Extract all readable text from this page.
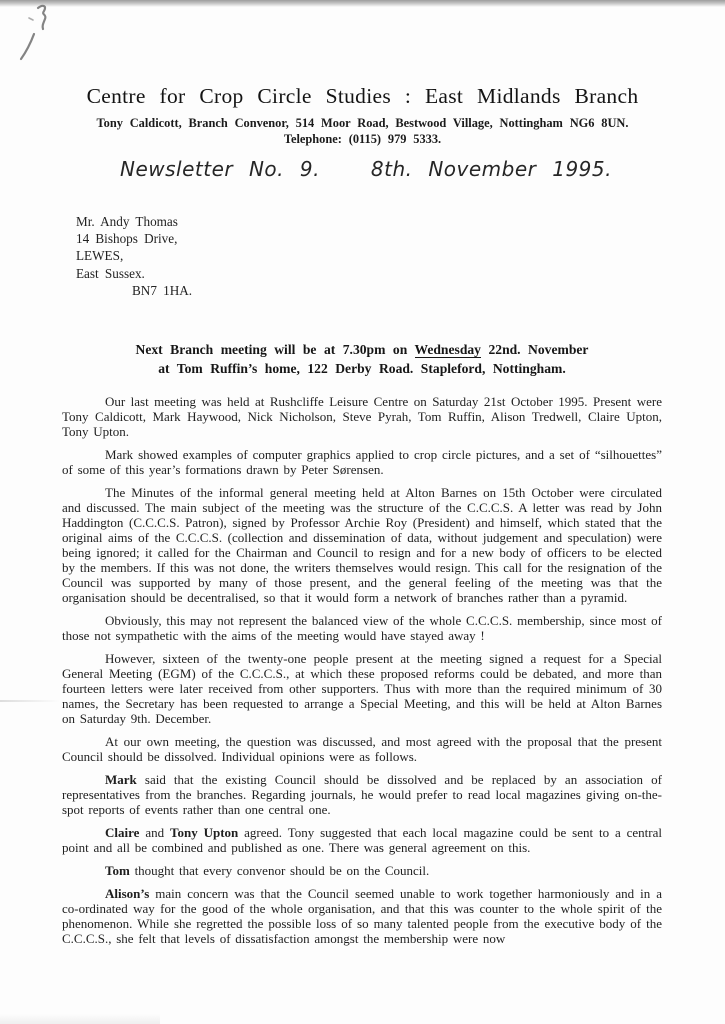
Centre for Crop Circle Studies : East Midlands Branch
Tony Caldicott, Branch Convenor, 514 Moor Road, Bestwood Village, Nottingham NG6 8UN.
Telephone: (0115) 979 5333.
Newsletter No. 9.	8th. November 1995.
Mr. Andy Thomas
14 Bishops Drive,
LEWES,
East Sussex.
BN7 1HA.
Next Branch meeting will be at 7.30pm on Wednesday 22nd. November
at Tom Ruffin’s home, 122 Derby Road. Stapleford, Nottingham.

Our last meeting was held at Rushcliffe Leisure Centre on Saturday 21st October 1995. Present were Tony Caldicott, Mark Haywood, Nick Nicholson, Steve Pyrah, Tom Ruffin, Alison Tredwell, Claire Upton, Tony Upton.

Mark showed examples of computer graphics applied to crop circle pictures, and a set of “silhouettes” of some of this year’s formations drawn by Peter Sørensen.

The Minutes of the informal general meeting held at Alton Barnes on 15th October were circulated and discussed. The main subject of the meeting was the structure of the C.C.C.S. A letter was read by John Haddington (C.C.C.S. Patron), signed by Professor Archie Roy (President) and himself, which stated that the original aims of the C.C.C.S. (collection and dissemination of data, without judgement and speculation) were being ignored; it called for the Chairman and Council to resign and for a new body of officers to be elected by the members. If this was not done, the writers themselves would resign. This call for the resignation of the Council was supported by many of those present, and the general feeling of the meeting was that the organisation should be decentralised, so that it would form a network of branches rather than a pyramid.

Obviously, this may not represent the balanced view of the whole C.C.C.S. membership, since most of those not sympathetic with the aims of the meeting would have stayed away !

However, sixteen of the twenty-one people present at the meeting signed a request for a Special General Meeting (EGM) of the C.C.C.S., at which these proposed reforms could be debated, and more than fourteen letters were later received from other supporters. Thus with more than the required minimum of 30 names, the Secretary has been requested to arrange a Special Meeting, and this will be held at Alton Barnes on Saturday 9th. December.

At our own meeting, the question was discussed, and most agreed with the proposal that the present Council should be dissolved. Individual opinions were as follows.

Mark said that the existing Council should be dissolved and be replaced by an association of representatives from the branches. Regarding journals, he would prefer to read local magazines giving on-the-spot reports of events rather than one central one.

Claire and Tony Upton agreed. Tony suggested that each local magazine could be sent to a central point and all be combined and published as one. There was general agreement on this.

Tom thought that every convenor should be on the Council.

Alison’s main concern was that the Council seemed unable to work together harmoniously and in a co-ordinated way for the good of the whole organisation, and that this was counter to the whole spirit of the phenomenon. While she regretted the possible loss of so many talented people from the executive body of the C.C.C.S., she felt that levels of dissatisfaction amongst the membership were now
